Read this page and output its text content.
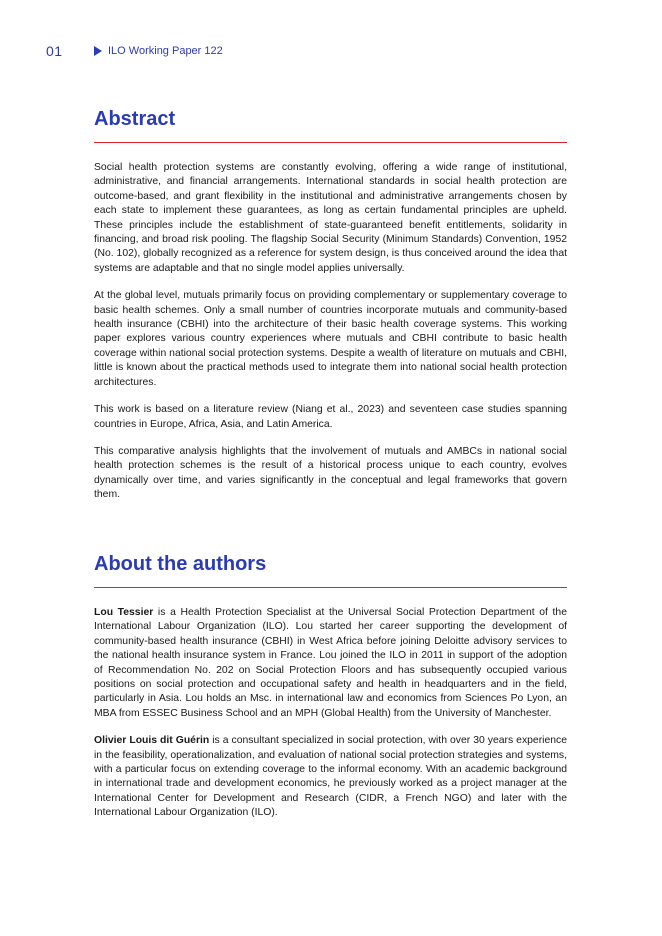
01	ILO Working Paper 122
Abstract

Social health protection systems are constantly evolving, offering a wide range of institutional, administrative, and financial arrangements. International standards in social health protection are outcome-based, and grant flexibility in the institutional and administrative arrangements chosen by each state to implement these guarantees, as long as certain fundamental principles are upheld. These principles include the establishment of state-guaranteed benefit entitlements, solidarity in financing, and broad risk pooling. The flagship Social Security (Minimum Standards) Convention, 1952 (No. 102), globally recognized as a reference for system design, is thus conceived around the idea that systems are adaptable and that no single model applies universally.

At the global level, mutuals primarily focus on providing complementary or supplementary coverage to basic health schemes. Only a small number of countries incorporate mutuals and community-based health insurance (CBHI) into the architecture of their basic health coverage systems. This working paper explores various country experiences where mutuals and CBHI contribute to basic health coverage within national social protection systems. Despite a wealth of literature on mutuals and CBHI, little is known about the practical methods used to integrate them into national social health protection architectures.

This work is based on a literature review (Niang et al., 2023) and seventeen case studies spanning countries in Europe, Africa, Asia, and Latin America.

This comparative analysis highlights that the involvement of mutuals and AMBCs in national social health protection schemes is the result of a historical process unique to each country, evolves dynamically over time, and varies significantly in the conceptual and legal frameworks that govern them.

About the authors

Lou Tessier is a Health Protection Specialist at the Universal Social Protection Department of the International Labour Organization (ILO). Lou started her career supporting the development of community-based health insurance (CBHI) in West Africa before joining Deloitte advisory services to the national health insurance system in France. Lou joined the ILO in 2011 in support of the adoption of Recommendation No. 202 on Social Protection Floors and has subsequently occupied various positions on social protection and occupational safety and health in headquarters and in the field, particularly in Asia. Lou holds an Msc. in international law and economics from Sciences Po Lyon, an MBA from ESSEC Business School and an MPH (Global Health) from the University of Manchester.

Olivier Louis dit Guérin is a consultant specialized in social protection, with over 30 years experience in the feasibility, operationalization, and evaluation of national social protection strategies and systems, with a particular focus on extending coverage to the informal economy. With an academic background in international trade and development economics, he previously worked as a project manager at the International Center for Development and Research (CIDR, a French NGO) and later with the International Labour Organization (ILO).
